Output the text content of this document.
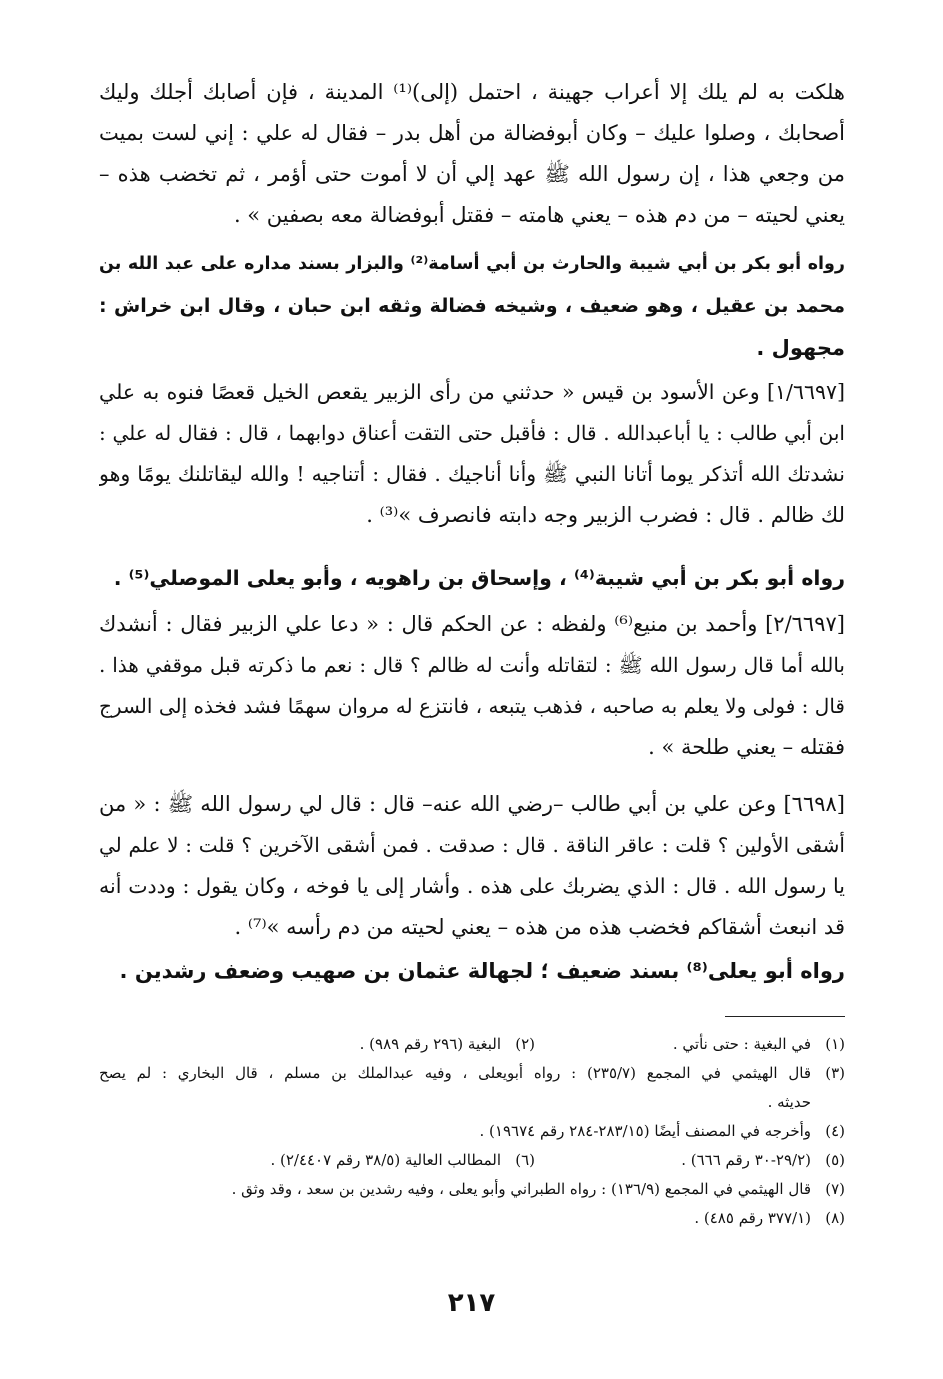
هلكت به لم يلك إلا أعراب جهينة ، احتمل (إلى)⁽¹⁾ المدينة ، فإن أصابك أجلك وليك
أصحابك ، وصلوا عليك – وكان أبوفضالة من أهل بدر – فقال له علي : إني لست بميت
من وجعي هذا ، إن رسول الله ﷺ عهد إلي أن لا أموت حتى أؤمر ، ثم تخضب هذه –
يعني لحيته – من دم هذه – يعني هامته – فقتل أبوفضالة معه بصفين » .
رواه أبو بكر بن أبي شيبة والحارث بن أبي أسامة⁽²⁾ والبزار بسند مداره على عبد الله بن
محمد بن عقيل ، وهو ضعيف ، وشيخه فضالة وثقه ابن حبان ، وقال ابن خراش :
مجهول .
[١/٦٦٩٧] وعن الأسود بن قيس « حدثني من رأى الزبير يقعص الخيل قعصًا فنوه به علي
ابن أبي طالب : يا أباعبدالله . قال : فأقبل حتى التقت أعناق دوابهما ، قال : فقال له علي :
نشدتك الله أتذكر يوما أتانا النبي ﷺ وأنا أناجيك . فقال : أتناجيه ! والله ليقاتلنك يومًا وهو
لك ظالم . قال : فضرب الزبير وجه دابته فانصرف »⁽³⁾ .
رواه أبو بكر بن أبي شيبة⁽⁴⁾ ، وإسحاق بن راهويه ، وأبو يعلى الموصلي⁽⁵⁾ .
[٢/٦٦٩٧] وأحمد بن منيع⁽⁶⁾ ولفظه : عن الحكم قال : « دعا علي الزبير فقال : أنشدك
بالله أما قال رسول الله ﷺ : لتقاتله وأنت له ظالم ؟ قال : نعم ما ذكرته قبل موقفي هذا .
قال : فولى ولا يعلم به صاحبه ، فذهب يتبعه ، فانتزع له مروان سهمًا فشد فخذه إلى السرج
فقتله – يعني طلحة » .
[٦٦٩٨] وعن علي بن أبي طالب –رضي الله عنه– قال : قال لي رسول الله ﷺ : « من
أشقى الأولين ؟ قلت : عاقر الناقة . قال : صدقت . فمن أشقى الآخرين ؟ قلت : لا علم لي
يا رسول الله . قال : الذي يضربك على هذه . وأشار إلى يا فوخه ، وكان يقول : وددت أنه
قد انبعث أشقاكم فخضب هذه من هذه – يعني لحيته من دم رأسه »⁽⁷⁾ .
رواه أبو يعلى⁽⁸⁾ بسند ضعيف ؛ لجهالة عثمان بن صهيب وضعف رشدين .
(١)
في البغية : حتى نأتي .
(٢)
البغية (٢٩٦ رقم ٩٨٩) .
(٣)
قال الهيثمي في المجمع (٢٣٥/٧) : رواه أبويعلى ، وفيه عبدالملك بن مسلم ، قال البخاري : لم يصح
حديثه .
(٤)
وأخرجه في المصنف أيضًا (٢٨٣/١٥-٢٨٤ رقم ١٩٦٧٤) .
(٥)
(٢٩/٢-٣٠ رقم ٦٦٦) .
(٦)
المطالب العالية (٣٨/٥ رقم ٢/٤٤٠٧) .
(٧)
قال الهيثمي في المجمع (١٣٦/٩) : رواه الطبراني وأبو يعلى ، وفيه رشدين بن سعد ، وقد وثق .
(٨)
(٣٧٧/١ رقم ٤٨٥) .
٢١٧
